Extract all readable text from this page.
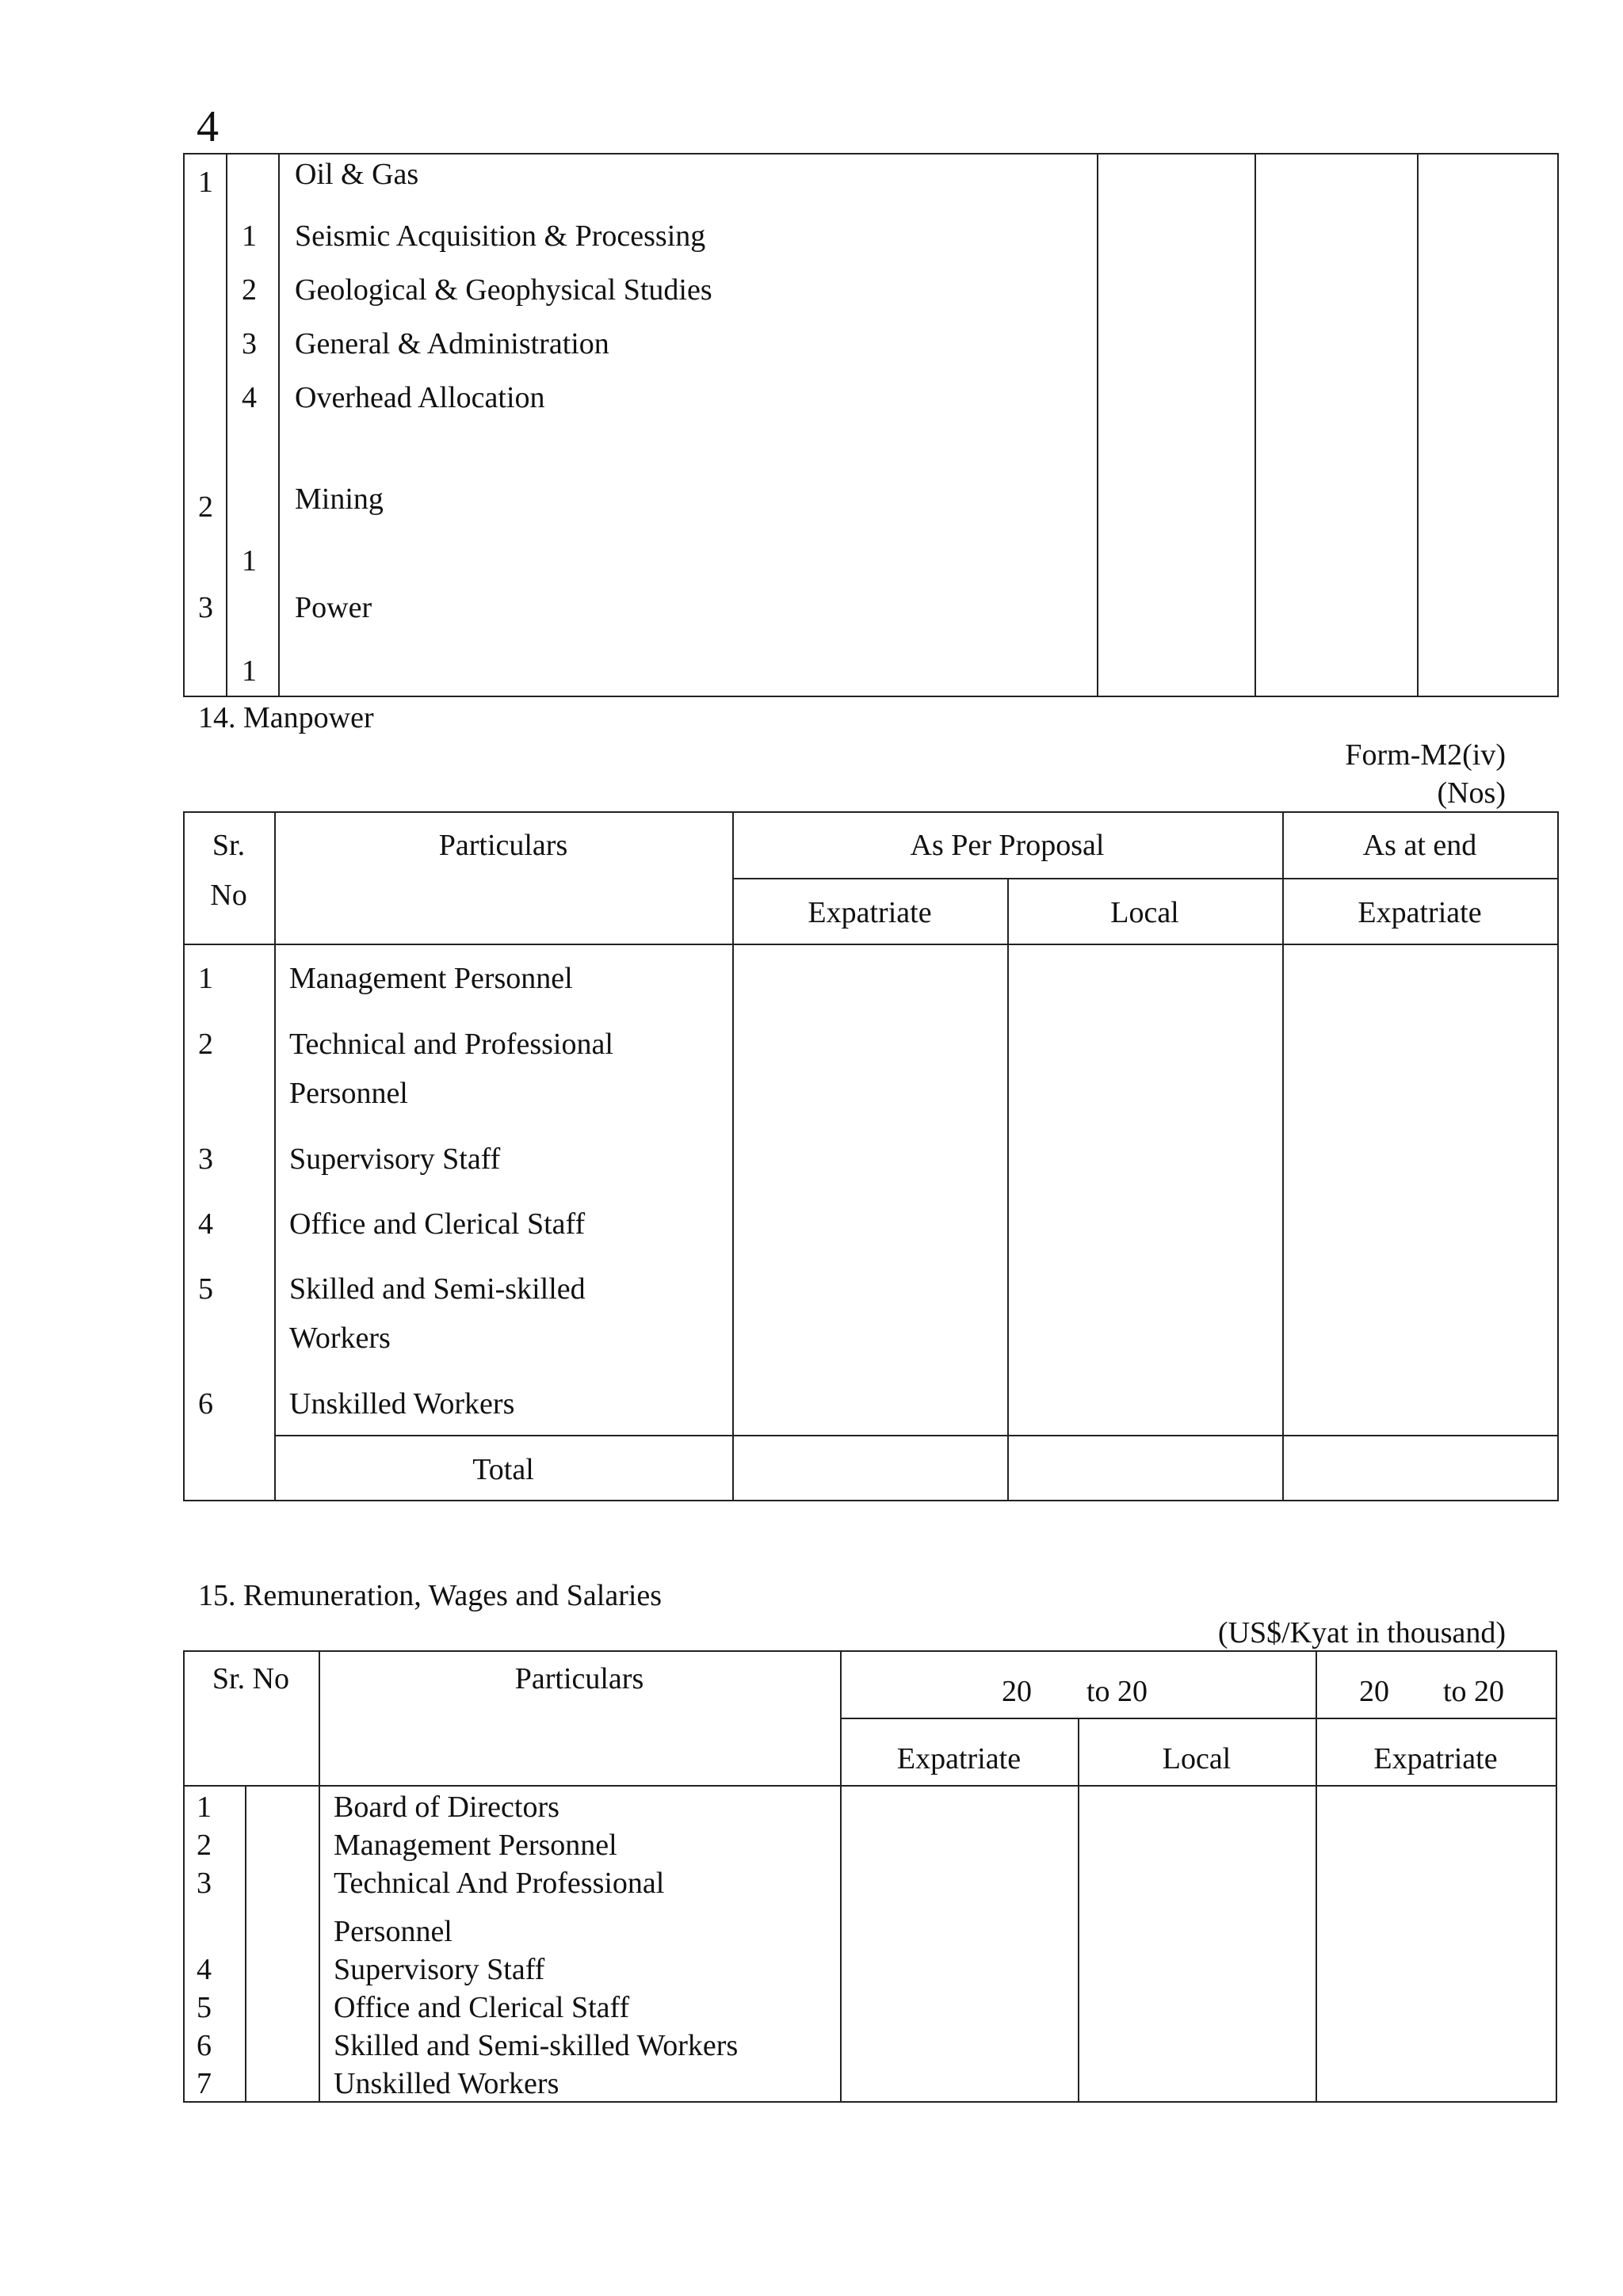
4
1	Oil & Gas
1 Seismic Acquisition & Processing
2 Geological & Geophysical Studies
3 General & Administration
4 Overhead Allocation
2	Mining
1
3	Power
1
14. Manpower
Form-M2(iv)
(Nos)
Sr.
No
Particulars	As Per Proposal	As at end
Expatriate	Local	Expatriate
1	Management Personnel
2	Technical and Professional
Personnel
3	Supervisory Staff
4	Office and Clerical Staff
5	Skilled and Semi-skilled
Workers
6	Unskilled Workers
Total
15. Remuneration, Wages and Salaries
(US$/Kyat in thousand)
Sr. No	Particulars	20 to 20	20 to 20
Expatriate	Local	Expatriate
1	Board of Directors
2	Management Personnel
3	Technical And Professional
Personnel
4	Supervisory Staff
5	Office and Clerical Staff
6	Skilled and Semi-skilled Workers
7	Unskilled Workers
